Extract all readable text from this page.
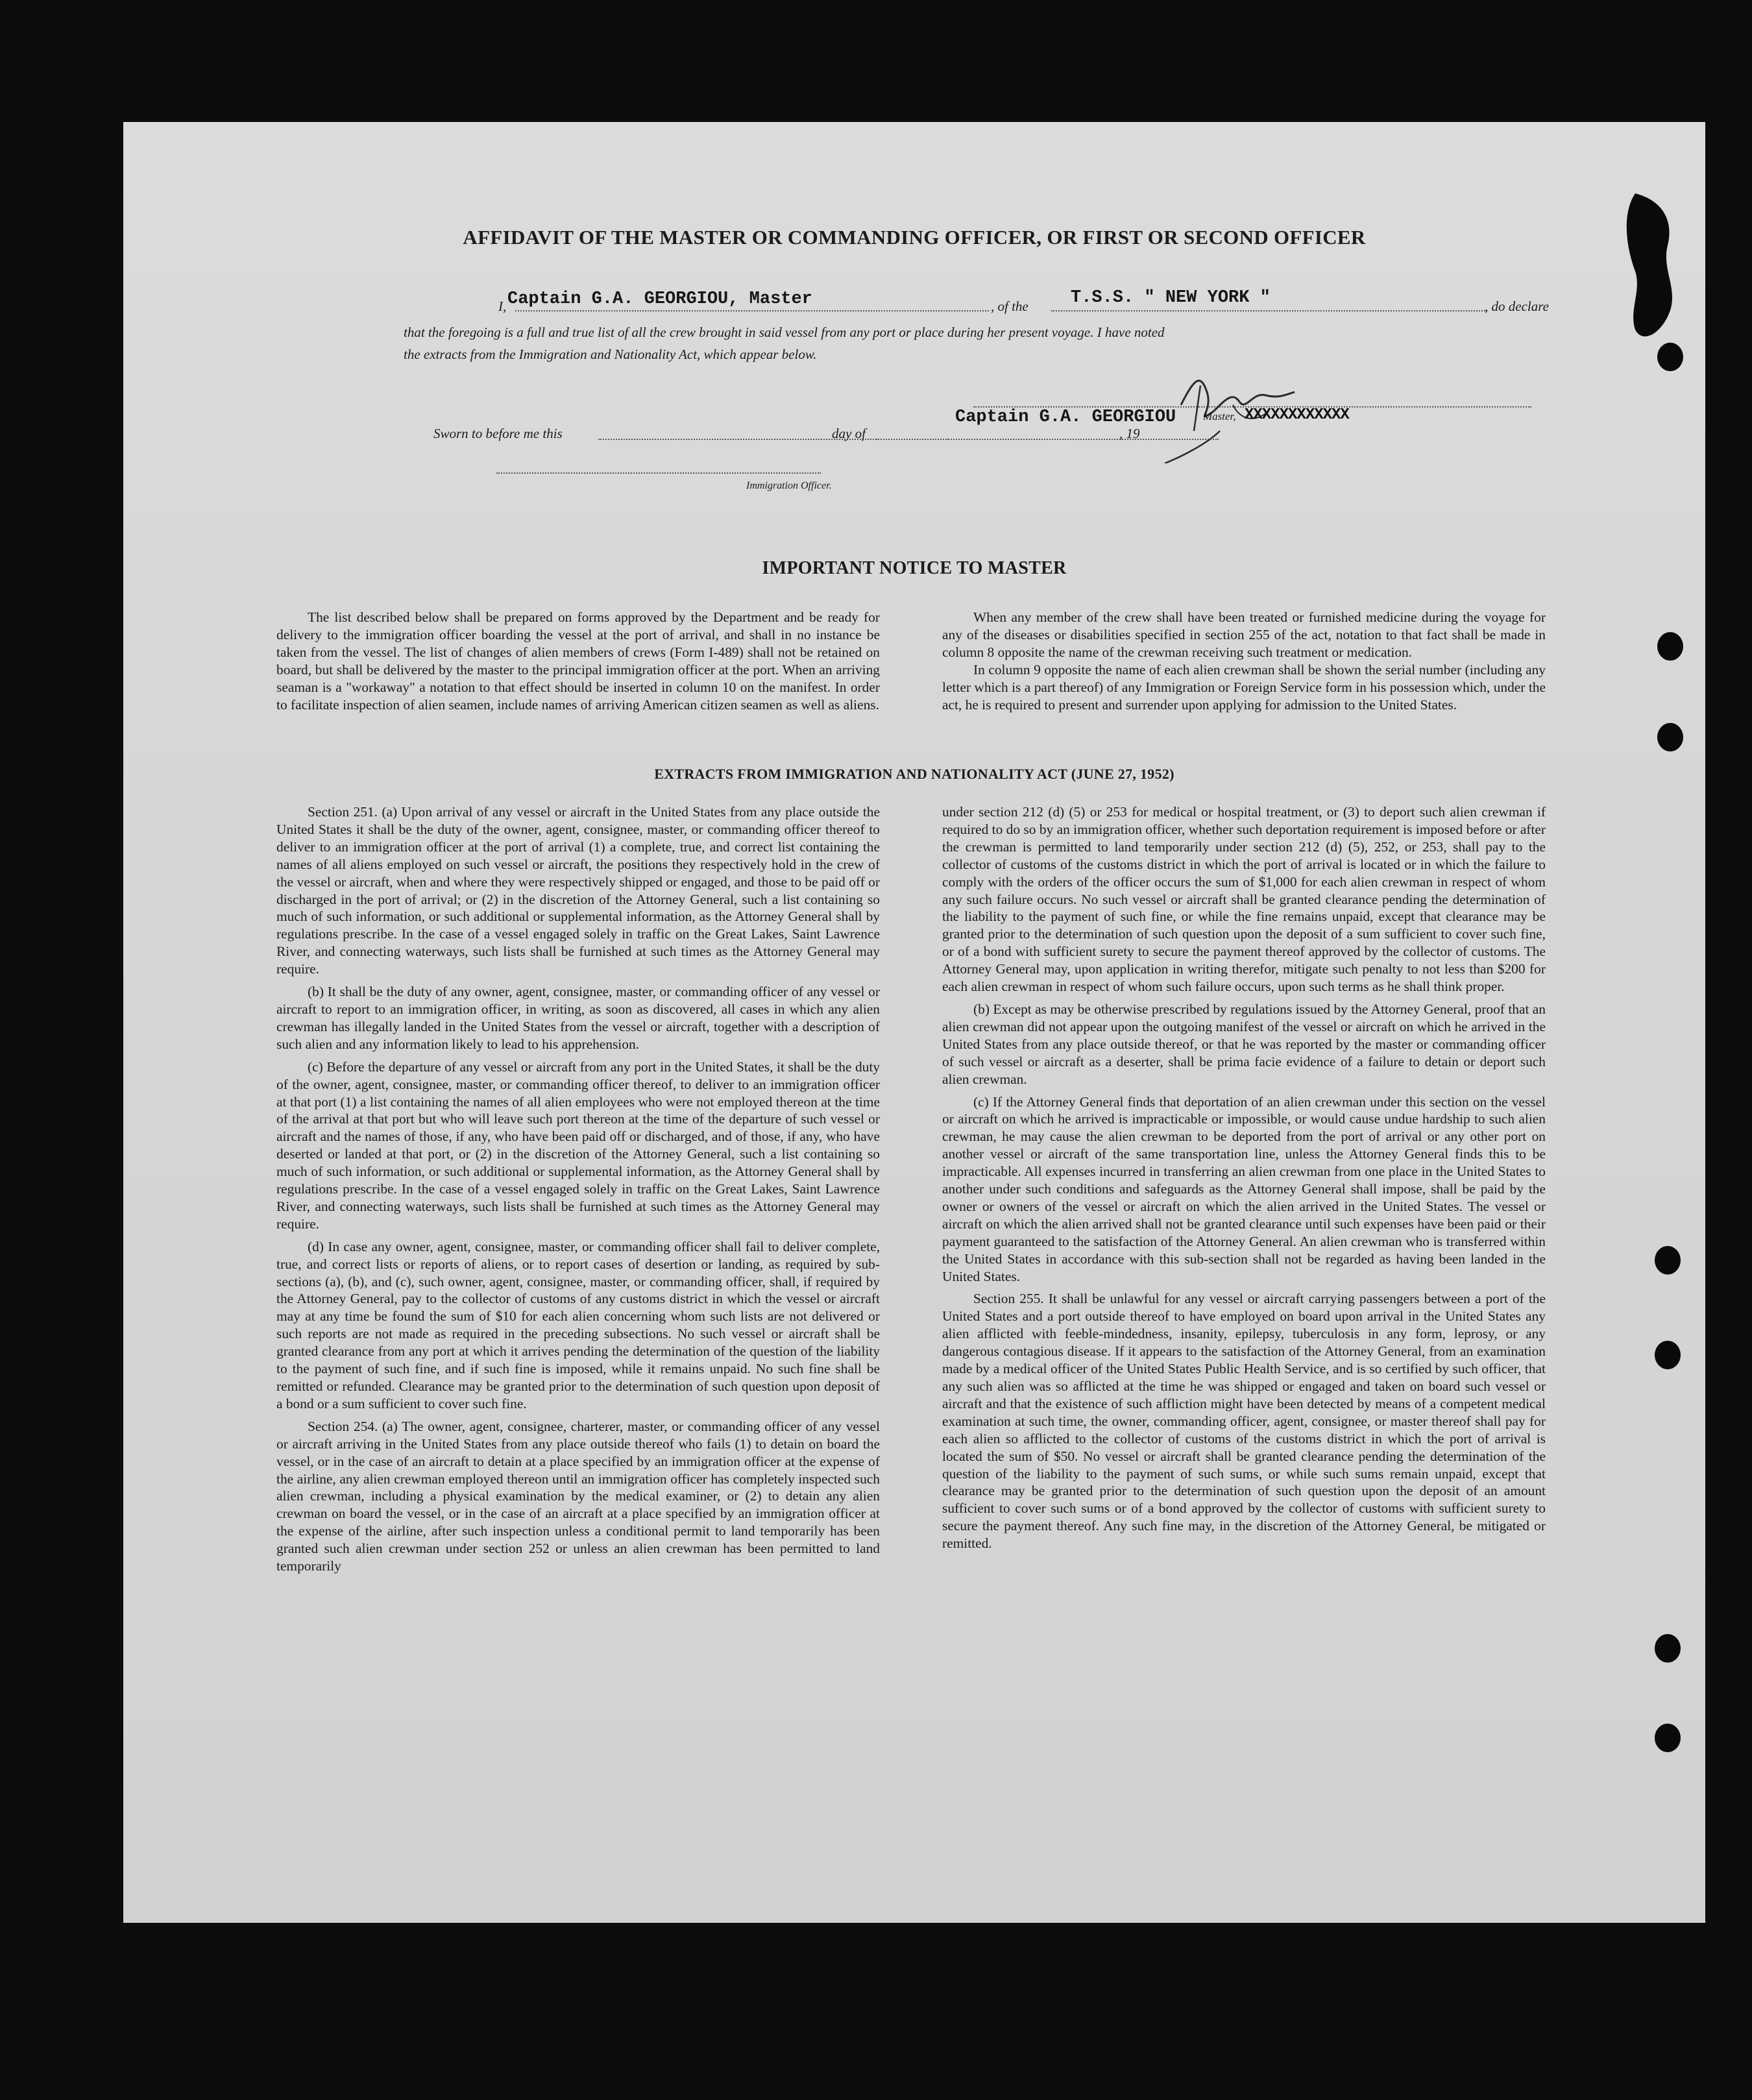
AFFIDAVIT OF THE MASTER OR COMMANDING OFFICER, OR FIRST OR SECOND OFFICER
I, Captain G.A. GEORGIOU, Master	, of the T.S.S. " NEW YORK "	, do declare
that the foregoing is a full and true list of all the crew brought in said vessel from any port or place during her present voyage. I have noted
the extracts from the Immigration and Nationality Act, which appear below.
Sworn to before me this	day of
Captain G.A. GEORGIOU
, 19
Master, XXXXXXXXXXXX
Immigration Officer.
IMPORTANT NOTICE TO MASTER

The list described below shall be prepared on forms approved by the Department and be ready for delivery to the immigration officer boarding the vessel at the port of arrival, and shall in no instance be taken from the vessel. The list of changes of alien members of crews (Form I-489) shall not be retained on board, but shall be delivered by the master to the principal immigration officer at the port. When an arriving seaman is a "workaway" a notation to that effect should be inserted in column 10 on the manifest. In order to facilitate inspection of alien seamen, include names of arriving American citizen seamen as well as aliens.

When any member of the crew shall have been treated or furnished medicine during the voyage for any of the diseases or disabilities specified in section 255 of the act, notation to that fact shall be made in column 8 opposite the name of the crewman receiving such treatment or medication.

In column 9 opposite the name of each alien crewman shall be shown the serial number (including any letter which is a part thereof) of any Immigration or Foreign Service form in his possession which, under the act, he is required to present and surrender upon applying for admission to the United States.

EXTRACTS FROM IMMIGRATION AND NATIONALITY ACT (JUNE 27, 1952)

Section 251. (a) Upon arrival of any vessel or aircraft in the United States from any place outside the United States it shall be the duty of the owner, agent, consignee, master, or commanding officer thereof to deliver to an immigration officer at the port of arrival (1) a complete, true, and correct list containing the names of all aliens employed on such vessel or aircraft, the positions they respectively hold in the crew of the vessel or aircraft, when and where they were respectively shipped or engaged, and those to be paid off or discharged in the port of arrival; or (2) in the discretion of the Attorney General, such a list containing so much of such information, or such additional or supplemental information, as the Attorney General shall by regulations prescribe. In the case of a vessel engaged solely in traffic on the Great Lakes, Saint Lawrence River, and connecting waterways, such lists shall be furnished at such times as the Attorney General may require.

(b) It shall be the duty of any owner, agent, consignee, master, or commanding officer of any vessel or aircraft to report to an immigration officer, in writing, as soon as discovered, all cases in which any alien crewman has illegally landed in the United States from the vessel or aircraft, together with a description of such alien and any information likely to lead to his apprehension.

(c) Before the departure of any vessel or aircraft from any port in the United States, it shall be the duty of the owner, agent, consignee, master, or commanding officer thereof, to deliver to an immigration officer at that port (1) a list containing the names of all alien employees who were not employed thereon at the time of the arrival at that port but who will leave such port thereon at the time of the departure of such vessel or aircraft and the names of those, if any, who have been paid off or discharged, and of those, if any, who have deserted or landed at that port, or (2) in the discretion of the Attorney General, such a list containing so much of such information, or such additional or supplemental information, as the Attorney General shall by regulations prescribe. In the case of a vessel engaged solely in traffic on the Great Lakes, Saint Lawrence River, and connecting waterways, such lists shall be furnished at such times as the Attorney General may require.

(d) In case any owner, agent, consignee, master, or commanding officer shall fail to deliver complete, true, and correct lists or reports of aliens, or to report cases of desertion or landing, as required by sub-sections (a), (b), and (c), such owner, agent, consignee, master, or commanding officer, shall, if required by the Attorney General, pay to the collector of customs of any customs district in which the vessel or aircraft may at any time be found the sum of $10 for each alien concerning whom such lists are not delivered or such reports are not made as required in the preceding subsections. No such vessel or aircraft shall be granted clearance from any port at which it arrives pending the determination of the question of the liability to the payment of such fine, and if such fine is imposed, while it remains unpaid. No such fine shall be remitted or refunded. Clearance may be granted prior to the determination of such question upon deposit of a bond or a sum sufficient to cover such fine.

Section 254. (a) The owner, agent, consignee, charterer, master, or commanding officer of any vessel or aircraft arriving in the United States from any place outside thereof who fails (1) to detain on board the vessel, or in the case of an aircraft to detain at a place specified by an immigration officer at the expense of the airline, any alien crewman employed thereon until an immigration officer has completely inspected such alien crewman, including a physical examination by the medical examiner, or (2) to detain any alien crewman on board the vessel, or in the case of an aircraft at a place specified by an immigration officer at the expense of the airline, after such inspection unless a conditional permit to land temporarily has been granted such alien crewman under section 252 or unless an alien crewman has been permitted to land temporarily

under section 212 (d) (5) or 253 for medical or hospital treatment, or (3) to deport such alien crewman if required to do so by an immigration officer, whether such deportation requirement is imposed before or after the crewman is permitted to land temporarily under section 212 (d) (5), 252, or 253, shall pay to the collector of customs of the customs district in which the port of arrival is located or in which the failure to comply with the orders of the officer occurs the sum of $1,000 for each alien crewman in respect of whom any such failure occurs. No such vessel or aircraft shall be granted clearance pending the determination of the liability to the payment of such fine, or while the fine remains unpaid, except that clearance may be granted prior to the determination of such question upon the deposit of a sum sufficient to cover such fine, or of a bond with sufficient surety to secure the payment thereof approved by the collector of customs. The Attorney General may, upon application in writing therefor, mitigate such penalty to not less than $200 for each alien crewman in respect of whom such failure occurs, upon such terms as he shall think proper.

(b) Except as may be otherwise prescribed by regulations issued by the Attorney General, proof that an alien crewman did not appear upon the outgoing manifest of the vessel or aircraft on which he arrived in the United States from any place outside thereof, or that he was reported by the master or commanding officer of such vessel or aircraft as a deserter, shall be prima facie evidence of a failure to detain or deport such alien crewman.

(c) If the Attorney General finds that deportation of an alien crewman under this section on the vessel or aircraft on which he arrived is impracticable or impossible, or would cause undue hardship to such alien crewman, he may cause the alien crewman to be deported from the port of arrival or any other port on another vessel or aircraft of the same transportation line, unless the Attorney General finds this to be impracticable. All expenses incurred in transferring an alien crewman from one place in the United States to another under such conditions and safeguards as the Attorney General shall impose, shall be paid by the owner or owners of the vessel or aircraft on which the alien arrived in the United States. The vessel or aircraft on which the alien arrived shall not be granted clearance until such expenses have been paid or their payment guaranteed to the satisfaction of the Attorney General. An alien crewman who is transferred within the United States in accordance with this sub-section shall not be regarded as having been landed in the United States.

Section 255. It shall be unlawful for any vessel or aircraft carrying passengers between a port of the United States and a port outside thereof to have employed on board upon arrival in the United States any alien afflicted with feeble-mindedness, insanity, epilepsy, tuberculosis in any form, leprosy, or any dangerous contagious disease. If it appears to the satisfaction of the Attorney General, from an examination made by a medical officer of the United States Public Health Service, and is so certified by such officer, that any such alien was so afflicted at the time he was shipped or engaged and taken on board such vessel or aircraft and that the existence of such affliction might have been detected by means of a competent medical examination at such time, the owner, commanding officer, agent, consignee, or master thereof shall pay for each alien so afflicted to the collector of customs of the customs district in which the port of arrival is located the sum of $50. No vessel or aircraft shall be granted clearance pending the determination of the question of the liability to the payment of such sums, or while such sums remain unpaid, except that clearance may be granted prior to the determination of such question upon the deposit of an amount sufficient to cover such sums or of a bond approved by the collector of customs with sufficient surety to secure the payment thereof. Any such fine may, in the discretion of the Attorney General, be mitigated or remitted.
